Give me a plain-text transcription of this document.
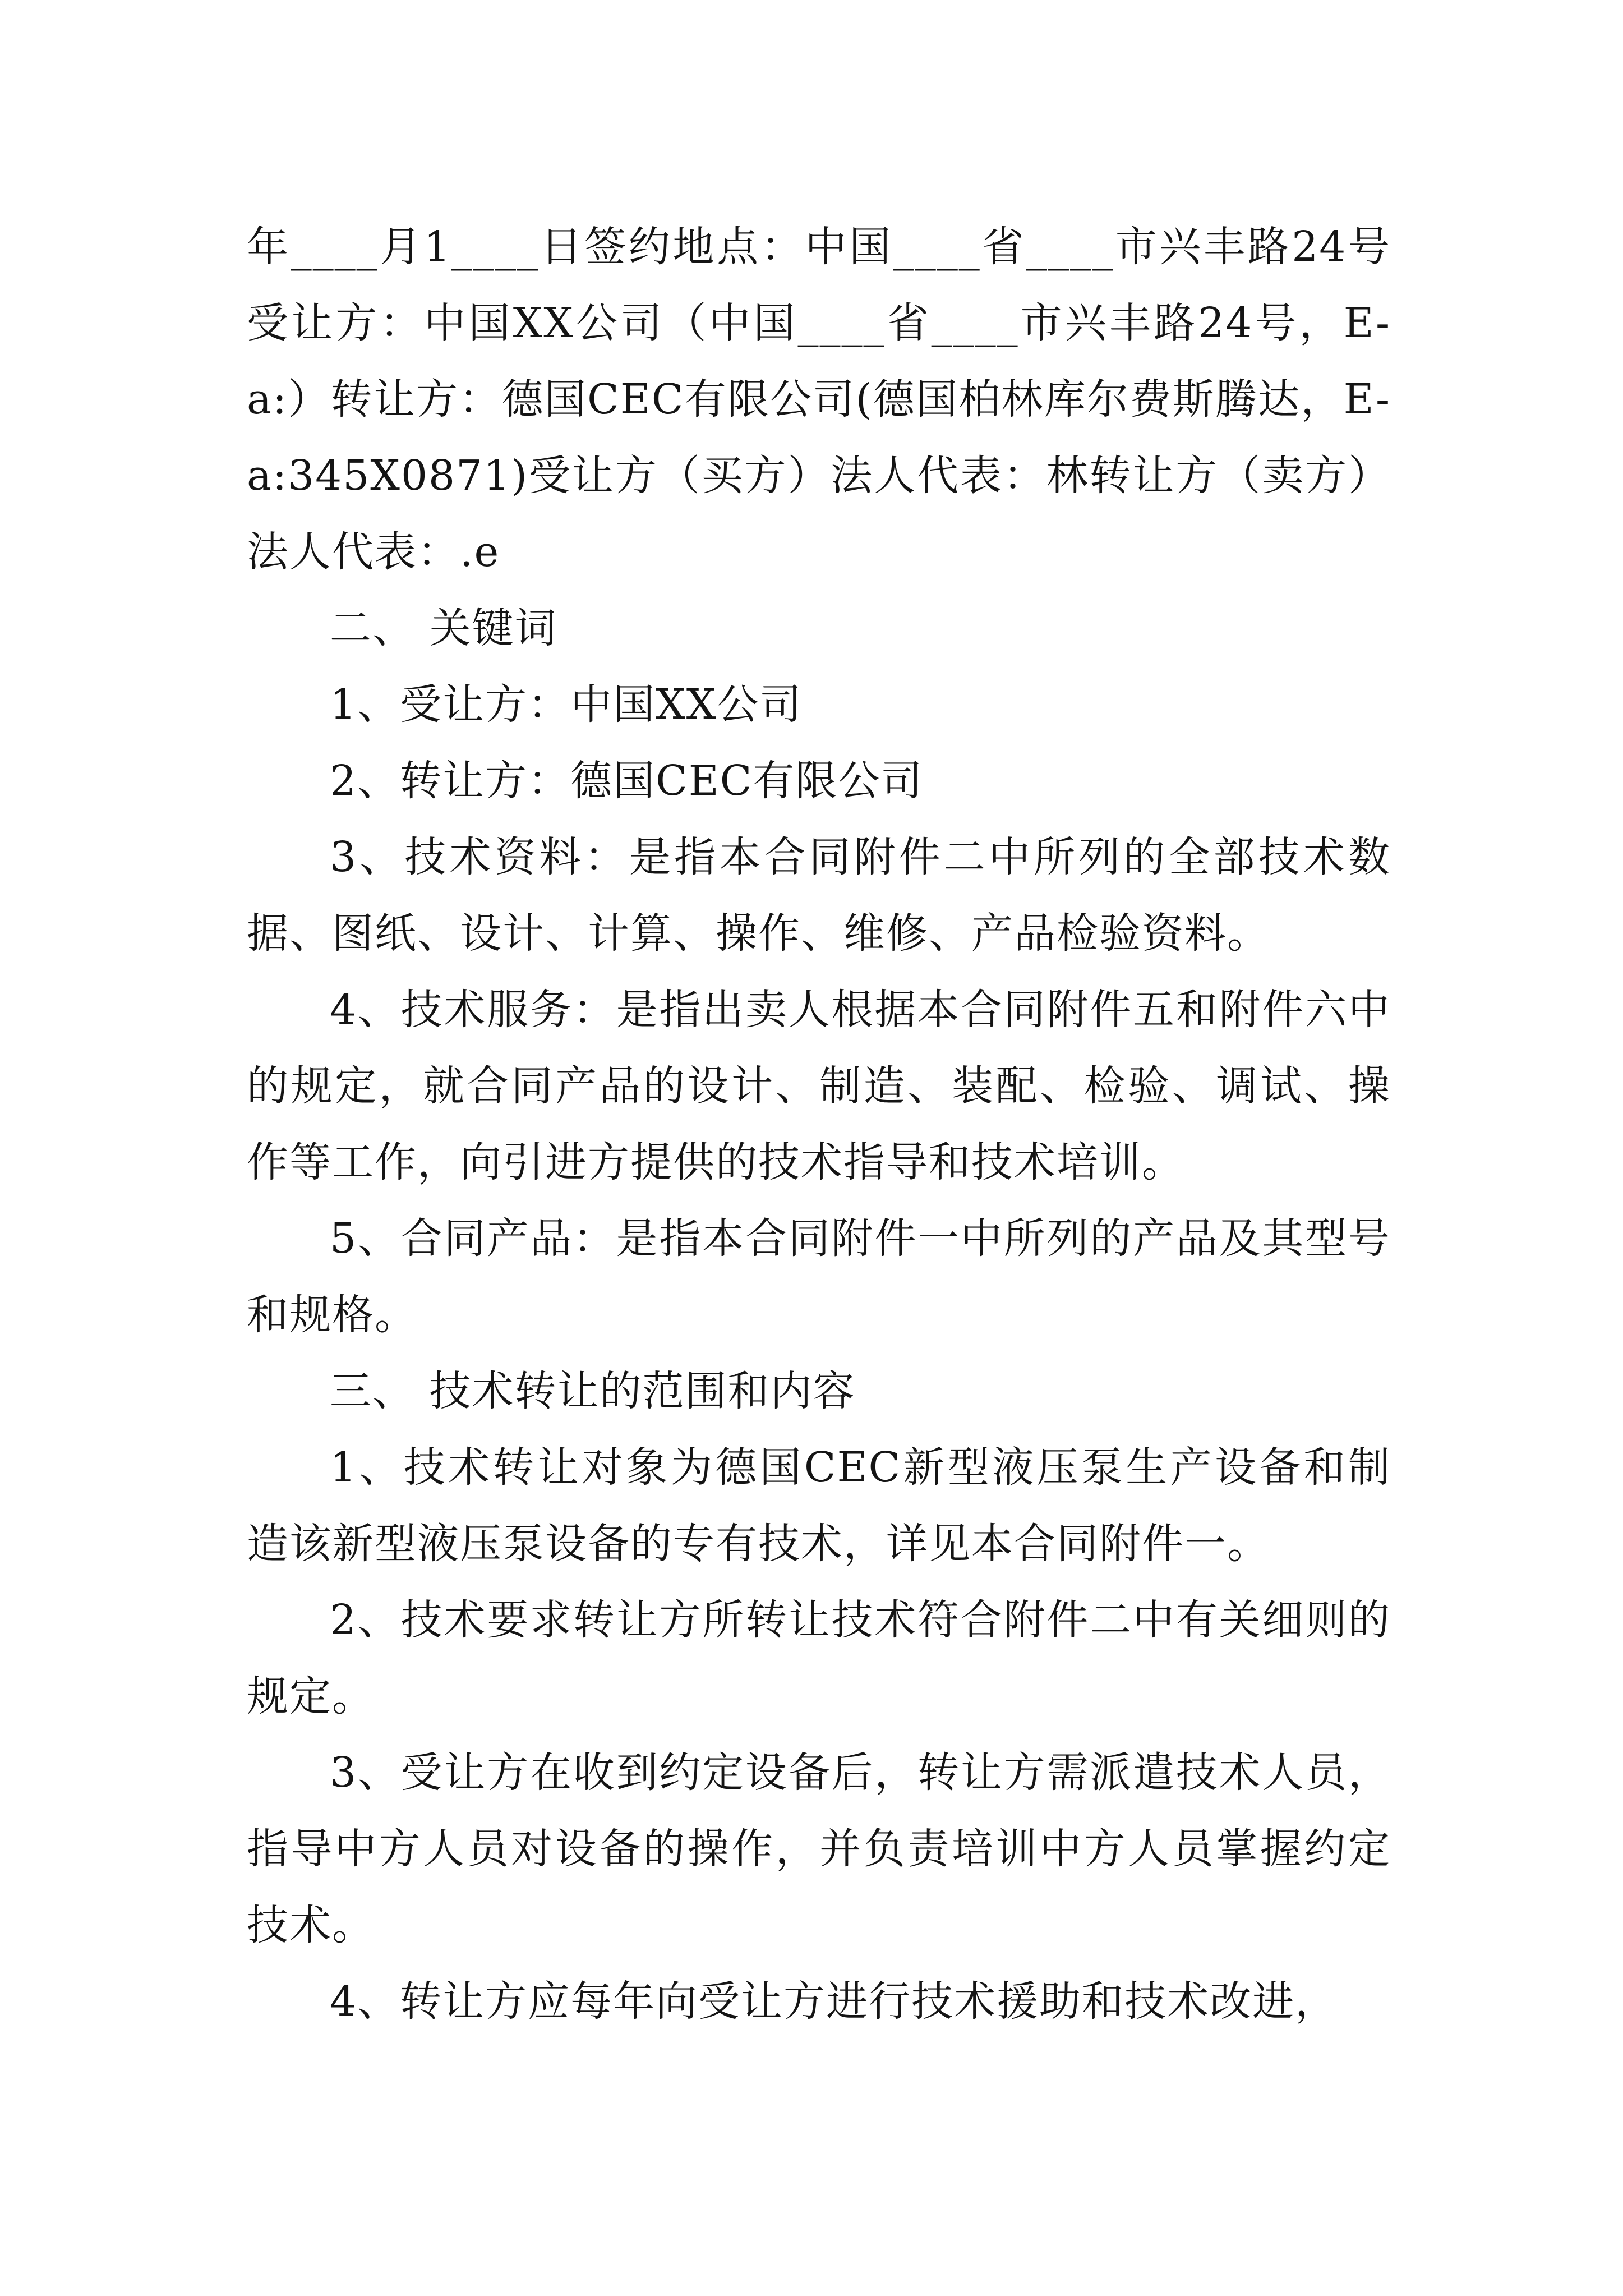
年____月1____日签约地点：中国____省____市兴丰路24号受让方：中国XX公司（中国____省____市兴丰路24号，E-a:）转让方：德国CEC有限公司(德国柏林库尔费斯腾达，E-a:345X0871)受让方（买方）法人代表：林转让方（卖方）法人代表：.e

二、 关键词

1、受让方：中国XX公司

2、转让方：德国CEC有限公司

3、技术资料：是指本合同附件二中所列的全部技术数据、图纸、设计、计算、操作、维修、产品检验资料。

4、技术服务：是指出卖人根据本合同附件五和附件六中的规定，就合同产品的设计、制造、装配、检验、调试、操作等工作，向引进方提供的技术指导和技术培训。

5、合同产品：是指本合同附件一中所列的产品及其型号和规格。

三、 技术转让的范围和内容

1、技术转让对象为德国CEC新型液压泵生产设备和制造该新型液压泵设备的专有技术，详见本合同附件一。

2、技术要求转让方所转让技术符合附件二中有关细则的规定。

3、受让方在收到约定设备后，转让方需派遣技术人员，指导中方人员对设备的操作，并负责培训中方人员掌握约定技术。

4、转让方应每年向受让方进行技术援助和技术改进，
